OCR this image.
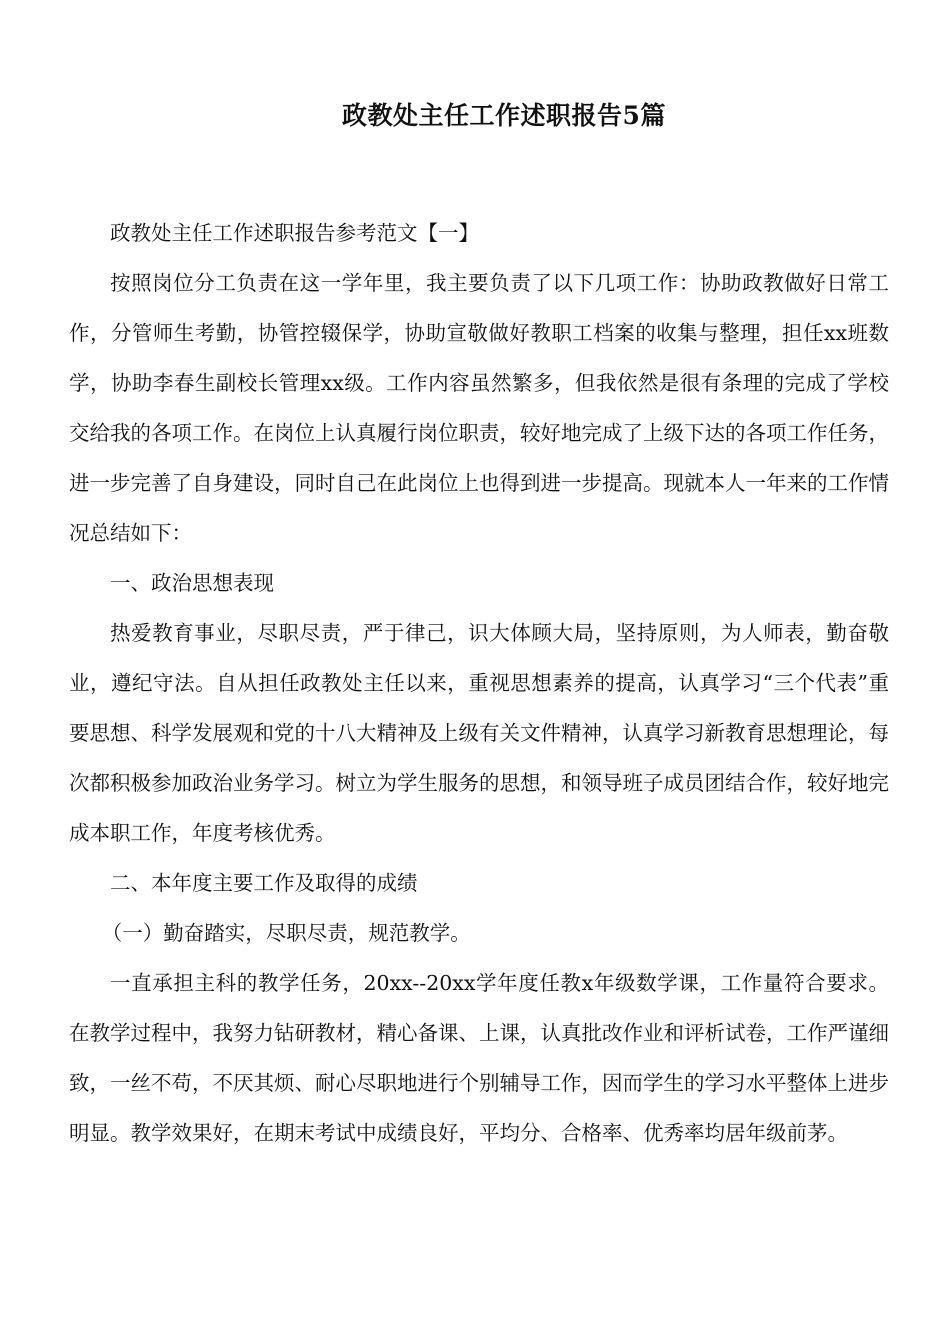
政教处主任工作述职报告5篇

政教处主任工作述职报告参考范文【一】

按照岗位分工负责在这一学年里，我主要负责了以下几项工作：协助政教做好日常工作，分管师生考勤，协管控辍保学，协助宣敬做好教职工档案的收集与整理，担任xx班数学，协助李春生副校长管理xx级。工作内容虽然繁多，但我依然是很有条理的完成了学校交给我的各项工作。在岗位上认真履行岗位职责，较好地完成了上级下达的各项工作任务，进一步完善了自身建设，同时自己在此岗位上也得到进一步提高。现就本人一年来的工作情况总结如下：

一、政治思想表现

热爱教育事业，尽职尽责，严于律己，识大体顾大局，坚持原则，为人师表，勤奋敬业，遵纪守法。自从担任政教处主任以来，重视思想素养的提高，认真学习“三个代表”重要思想、科学发展观和党的十八大精神及上级有关文件精神，认真学习新教育思想理论，每次都积极参加政治业务学习。树立为学生服务的思想，和领导班子成员团结合作，较好地完成本职工作，年度考核优秀。

二、本年度主要工作及取得的成绩

（一）勤奋踏实，尽职尽责，规范教学。

一直承担主科的教学任务，20xx--20xx学年度任教x年级数学课，工作量符合要求。在教学过程中，我努力钻研教材，精心备课、上课，认真批改作业和评析试卷，工作严谨细致，一丝不苟，不厌其烦、耐心尽职地进行个别辅导工作，因而学生的学习水平整体上进步明显。教学效果好，在期末考试中成绩良好，平均分、合格率、优秀率均居年级前茅。
